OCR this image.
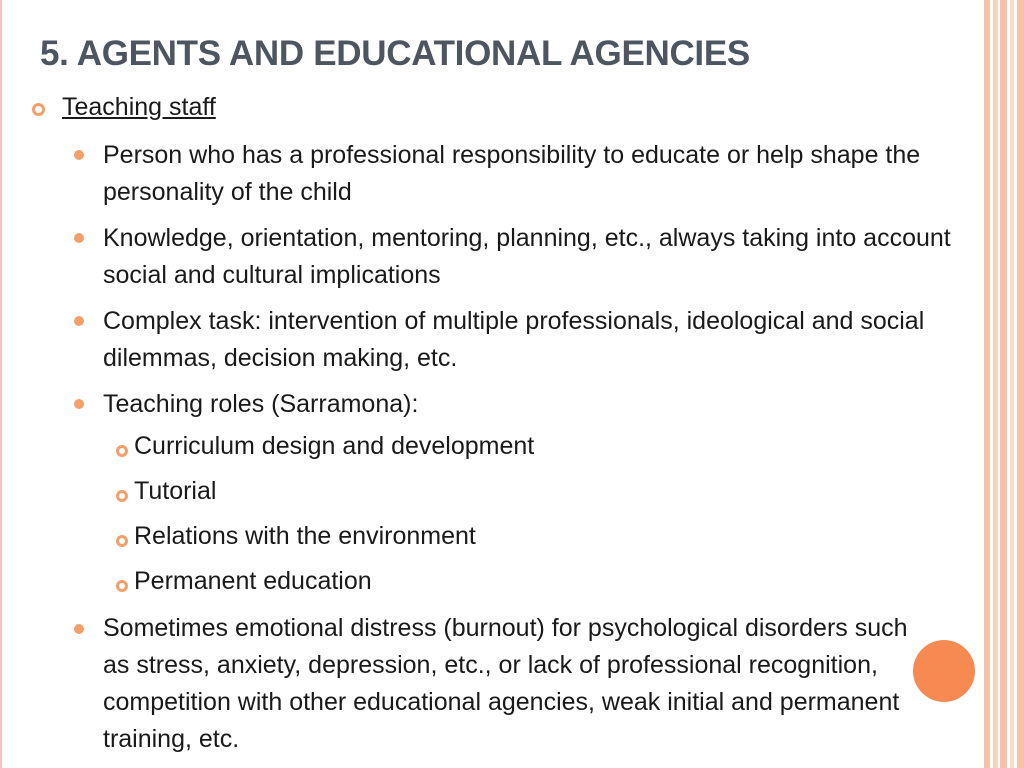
5. AGENTS AND EDUCATIONAL AGENCIES
Teaching staff
Person who has a professional responsibility to educate or help shape the personality of the child
Knowledge, orientation, mentoring, planning, etc., always taking into account social and cultural implications
Complex task: intervention of multiple professionals, ideological and social dilemmas, decision making, etc.
Teaching roles (Sarramona):
Curriculum design and development
Tutorial
Relations with the environment
Permanent education
Sometimes emotional distress (burnout) for psychological disorders such as stress, anxiety, depression, etc., or lack of professional recognition, competition with other educational agencies, weak initial and permanent training, etc.
